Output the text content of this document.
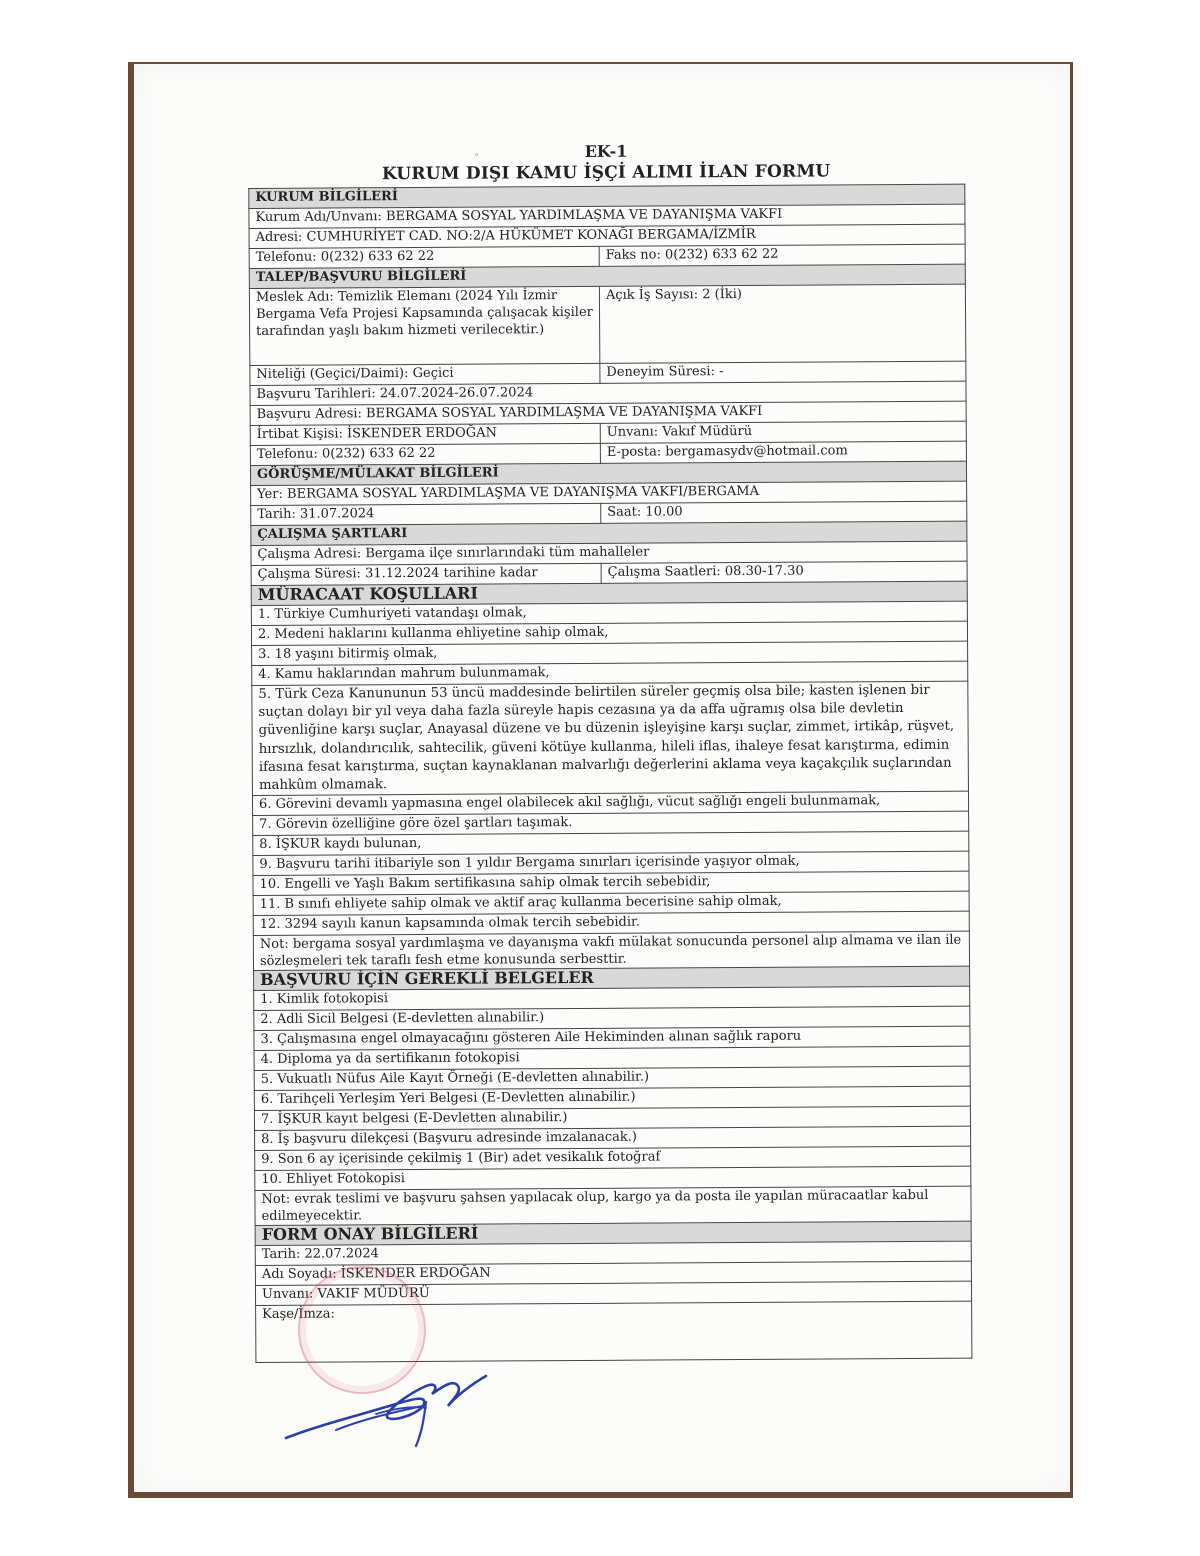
ᵒ	EK-1
KURUM DIŞI KAMU İŞÇİ ALIMI İLAN FORMU
KURUM BİLGİLERİ	
Kurum Adı/Unvanı: BERGAMA SOSYAL YARDIMLAŞMA VE DAYANIŞMA VAKFI	
Adresi: CUMHURİYET CAD. NO:2/A HÜKÜMET KONAĞI BERGAMA/İZMİR	
Telefonu: 0(232) 633 62 22	Faks no: 0(232) 633 62 22
TALEP/BAŞVURU BİLGİLERİ	
Meslek Adı: Temizlik Elemanı (2024 Yılı İzmir Bergama Vefa Projesi Kapsamında çalışacak kişiler tarafından yaşlı bakım hizmeti verilecektir.)	Açık İş Sayısı: 2 (İki)
Niteliği (Geçici/Daimi): Geçici	Deneyim Süresi: -
Başvuru Tarihleri: 24.07.2024-26.07.2024	
Başvuru Adresi: BERGAMA SOSYAL YARDIMLAŞMA VE DAYANIŞMA VAKFI	
İrtibat Kişisi: İSKENDER ERDOĞAN	Unvanı: Vakıf Müdürü
Telefonu: 0(232) 633 62 22	E-posta: bergamasydv@hotmail.com
GÖRÜŞME/MÜLAKAT BİLGİLERİ	
Yer: BERGAMA SOSYAL YARDIMLAŞMA VE DAYANIŞMA VAKFI/BERGAMA	
Tarih: 31.07.2024	Saat: 10.00
ÇALIŞMA ŞARTLARI	
Çalışma Adresi: Bergama ilçe sınırlarındaki tüm mahalleler	
Çalışma Süresi: 31.12.2024 tarihine kadar	Çalışma Saatleri: 08.30-17.30
MÜRACAAT KOŞULLARI	
1. Türkiye Cumhuriyeti vatandaşı olmak,	
2. Medeni haklarını kullanma ehliyetine sahip olmak,	
3. 18 yaşını bitirmiş olmak,	
4. Kamu haklarından mahrum bulunmamak,	
5. Türk Ceza Kanununun 53 üncü maddesinde belirtilen süreler geçmiş olsa bile; kasten işlenen bir suçtan dolayı bir yıl veya daha fazla süreyle hapis cezasına ya da affa uğramış olsa bile devletin güvenliğine karşı suçlar, Anayasal düzene ve bu düzenin işleyişine karşı suçlar, zimmet, irtikâp, rüşvet, hırsızlık, dolandırıcılık, sahtecilik, güveni kötüye kullanma, hileli iflas, ihaleye fesat karıştırma, edimin ifasına fesat karıştırma, suçtan kaynaklanan malvarlığı değerlerini aklama veya kaçakçılık suçlarından mahkûm olmamak.	
6. Görevini devamlı yapmasına engel olabilecek akıl sağlığı, vücut sağlığı engeli bulunmamak,	
7. Görevin özelliğine göre özel şartları taşımak.	
8. İŞKUR kaydı bulunan,	
9. Başvuru tarihi itibariyle son 1 yıldır Bergama sınırları içerisinde yaşıyor olmak,	
10. Engelli ve Yaşlı Bakım sertifikasına sahip olmak tercih sebebidir,	
11. B sınıfı ehliyete sahip olmak ve aktif araç kullanma becerisine sahip olmak,	
12. 3294 sayılı kanun kapsamında olmak tercih sebebidir.	
Not: bergama sosyal yardımlaşma ve dayanışma vakfı mülakat sonucunda personel alıp almama ve ilan ile sözleşmeleri tek taraflı fesh etme konusunda serbesttir.	
BAŞVURU İÇİN GEREKLİ BELGELER	
1. Kimlik fotokopisi	
2. Adli Sicil Belgesi (E-devletten alınabilir.)	
3. Çalışmasına engel olmayacağını gösteren Aile Hekiminden alınan sağlık raporu	
4. Diploma ya da sertifikanın fotokopisi	
5. Vukuatlı Nüfus Aile Kayıt Örneği (E-devletten alınabilir.)	
6. Tarihçeli Yerleşim Yeri Belgesi (E-Devletten alınabilir.)	
7. İŞKUR kayıt belgesi (E-Devletten alınabilir.)	
8. İş başvuru dilekçesi (Başvuru adresinde imzalanacak.)	
9. Son 6 ay içerisinde çekilmiş 1 (Bir) adet vesikalık fotoğraf	
10. Ehliyet Fotokopisi	
Not: evrak teslimi ve başvuru şahsen yapılacak olup, kargo ya da posta ile yapılan müracaatlar kabul edilmeyecektir.	
FORM ONAY BİLGİLERİ	
Tarih: 22.07.2024	
Adı Soyadı: İSKENDER ERDOĞAN	
Unvanı: VAKIF MÜDÜRÜ	
Kaşe/İmza:	
